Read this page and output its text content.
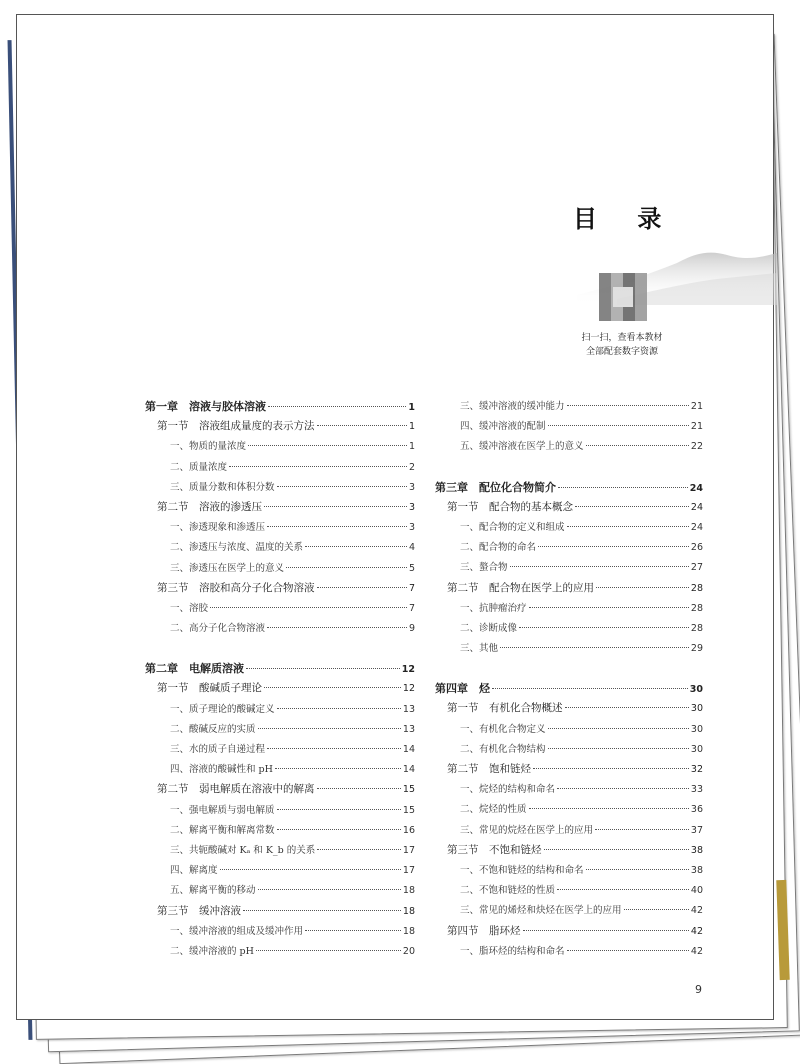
目 录
扫一扫，查看本教材
全部配套数字资源
第一章　溶液与胶体溶液	1
第一节　溶液组成量度的表示方法	1
一、物质的量浓度	1
二、质量浓度	2
三、质量分数和体积分数	3
第二节　溶液的渗透压	3
一、渗透现象和渗透压	3
二、渗透压与浓度、温度的关系	4
三、渗透压在医学上的意义	5
第三节　溶胶和高分子化合物溶液	7
一、溶胶	7
二、高分子化合物溶液	9
第二章　电解质溶液	12
第一节　酸碱质子理论	12
一、质子理论的酸碱定义	13
二、酸碱反应的实质	13
三、水的质子自递过程	14
四、溶液的酸碱性和 pH	14
第二节　弱电解质在溶液中的解离	15
一、强电解质与弱电解质	15
二、解离平衡和解离常数	16
三、共轭酸碱对 Kₐ 和 K_b 的关系	17
四、解离度	17
五、解离平衡的移动	18
第三节　缓冲溶液	18
一、缓冲溶液的组成及缓冲作用	18
二、缓冲溶液的 pH	20
三、缓冲溶液的缓冲能力	21
四、缓冲溶液的配制	21
五、缓冲溶液在医学上的意义	22
第三章　配位化合物简介	24
第一节　配合物的基本概念	24
一、配合物的定义和组成	24
二、配合物的命名	26
三、螯合物	27
第二节　配合物在医学上的应用	28
一、抗肿瘤治疗	28
二、诊断成像	28
三、其他	29
第四章　烃	30
第一节　有机化合物概述	30
一、有机化合物定义	30
二、有机化合物结构	30
第二节　饱和链烃	32
一、烷烃的结构和命名	33
二、烷烃的性质	36
三、常见的烷烃在医学上的应用	37
第三节　不饱和链烃	38
一、不饱和链烃的结构和命名	38
二、不饱和链烃的性质	40
三、常见的烯烃和炔烃在医学上的应用	42
第四节　脂环烃	42
一、脂环烃的结构和命名	42
9
